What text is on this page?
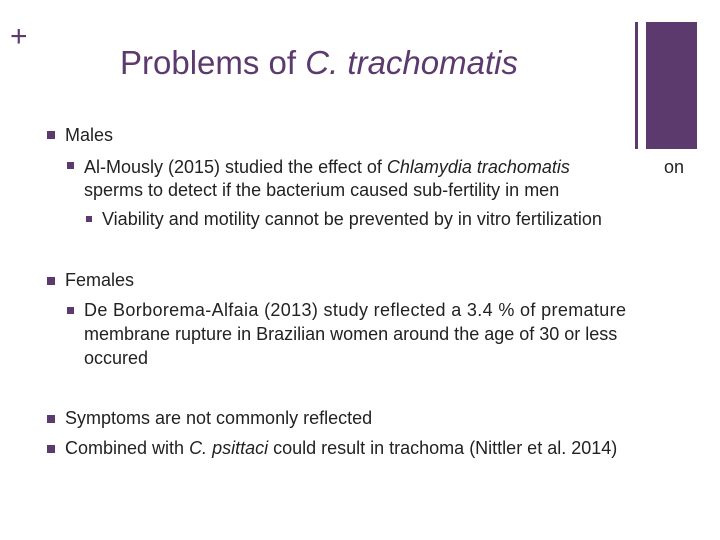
+
Problems of C. trachomatis
Males
Al-Mously (2015) studied the effect of Chlamydia trachomatis	on
sperms to detect if the bacterium caused sub-fertility in men
Viability and motility cannot be prevented by in vitro fertilization
Females
De Borborema-Alfaia (2013) study reflected a 3.4 % of premature
membrane rupture in Brazilian women around the age of 30 or less
occured
Symptoms are not commonly reflected
Combined with C. psittaci could result in trachoma (Nittler et al. 2014)
